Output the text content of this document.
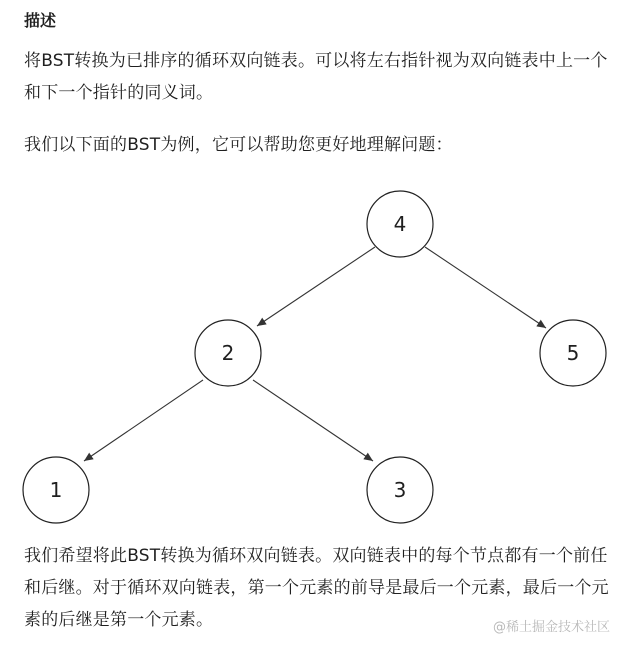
描述
将BST转换为已排序的循环双向链表。可以将左右指针视为双向链表中上一个和下一个指针的同义词。
我们以下面的BST为例，它可以帮助您更好地理解问题：
4
2	5
1	3
我们希望将此BST转换为循环双向链表。双向链表中的每个节点都有一个前任和后继。对于循环双向链表，第一个元素的前导是最后一个元素，最后一个元素的后继是第一个元素。	@稀土掘金技术社区
